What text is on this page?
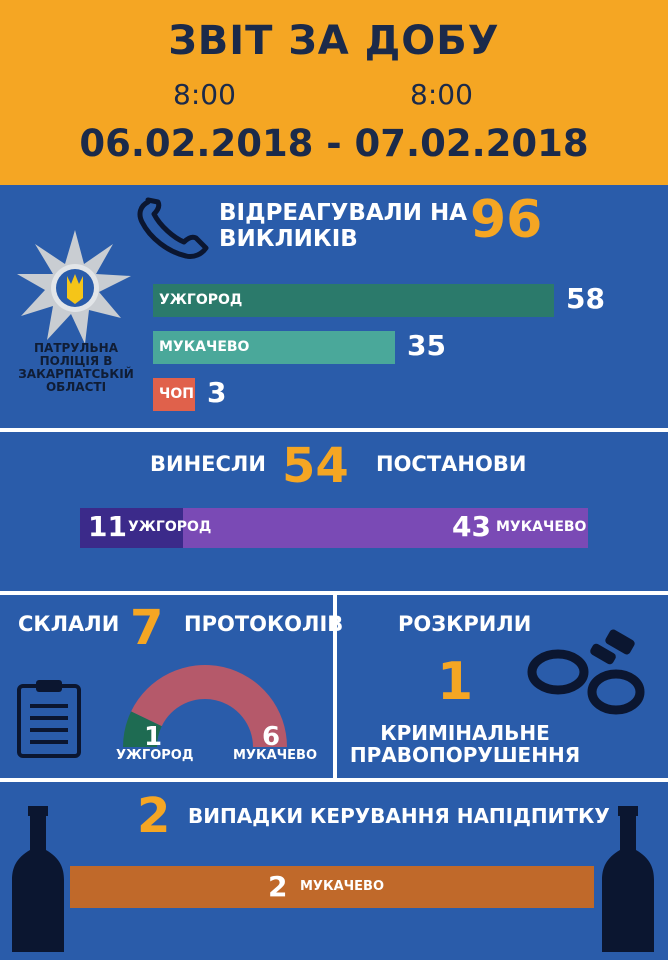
ЗВІТ ЗА ДОБУ
8:00	8:00
06.02.2018 - 07.02.2018
ПАТРУЛЬНА ПОЛІЦІЯ В ЗАКАРПАТСЬКІЙ ОБЛАСТІ
ВІДРЕАГУВАЛИ НА
ВИКЛИКІВ 96
УЖГОРОД	58
МУКАЧЕВО	35
ЧОП 3
ВИНЕСЛИ 54 ПОСТАНОВИ
11 УЖГОРОД	43 МУКАЧЕВО
СКЛАЛИ 7 ПРОТОКОЛІВ
1	6
УЖГОРОД	МУКАЧЕВО
РОЗКРИЛИ
1
КРИМІНАЛЬНЕ
ПРАВОПОРУШЕННЯ
2 ВИПАДКИ КЕРУВАННЯ НАПІДПИТКУ
2 МУКАЧЕВО
